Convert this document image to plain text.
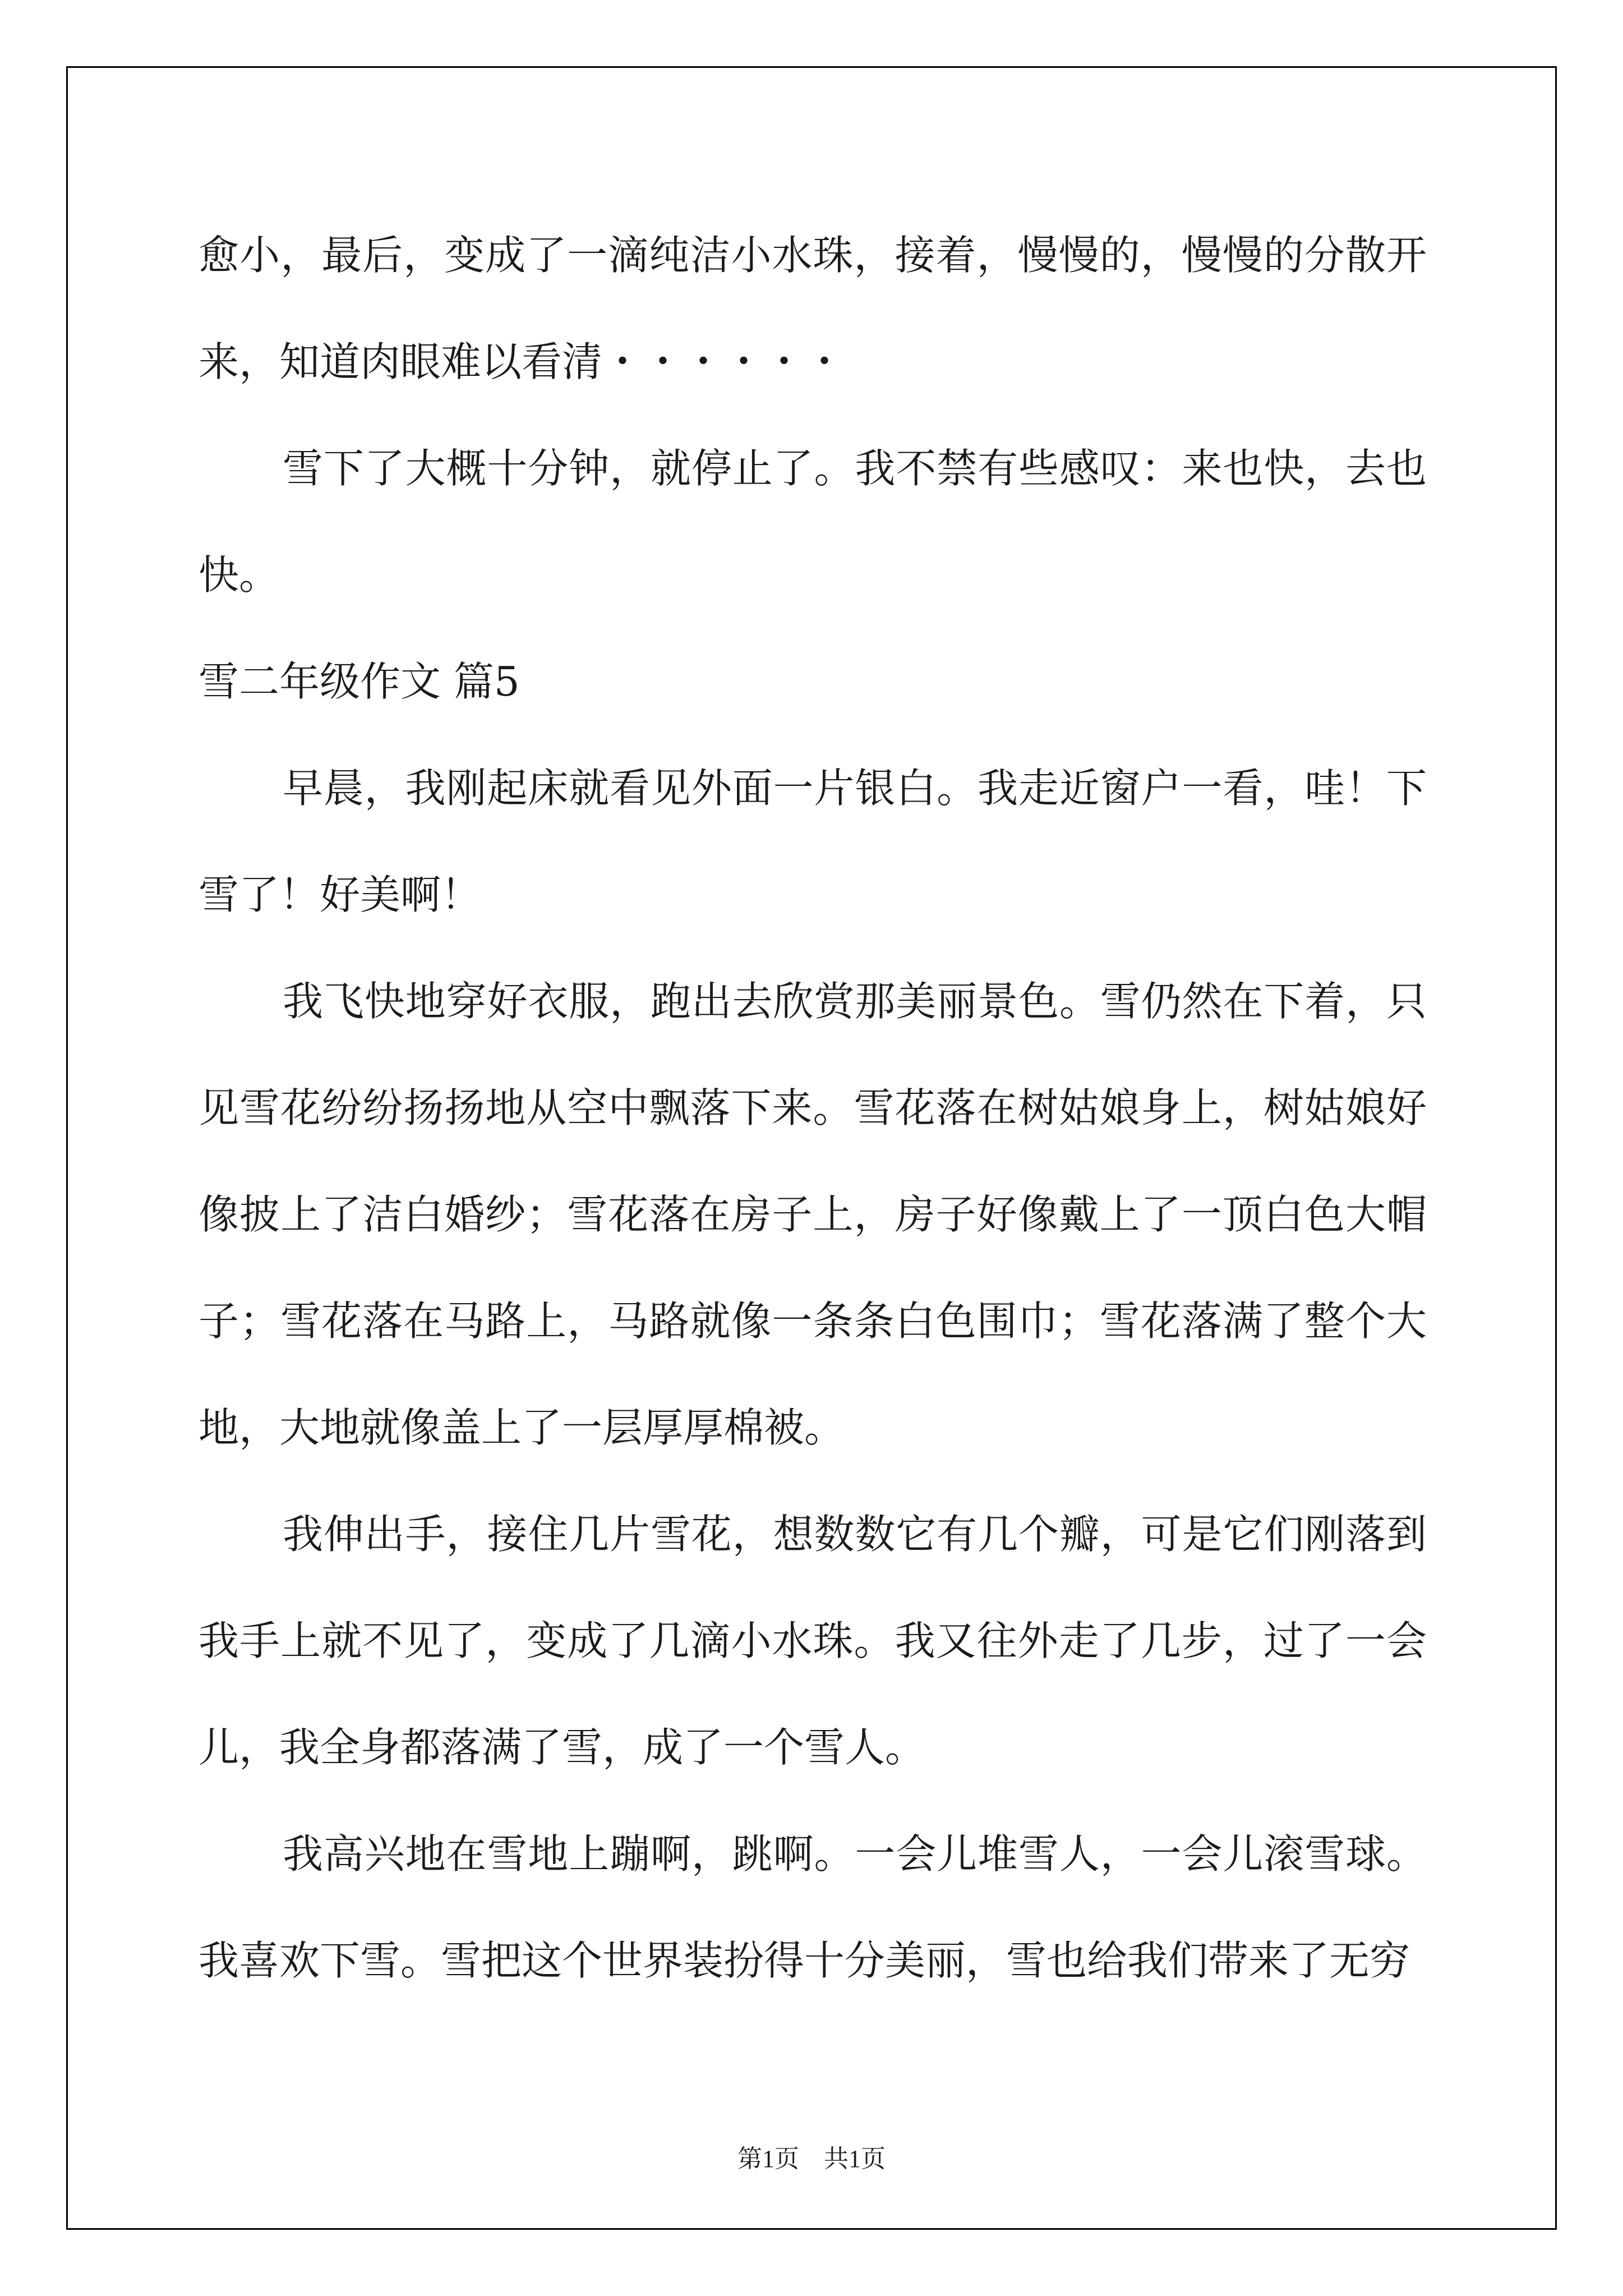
愈小，最后，变成了一滴纯洁小水珠，接着，慢慢的，慢慢的分散开来，知道肉眼难以看清・・・・・・

雪下了大概十分钟，就停止了。我不禁有些感叹：来也快，去也快。

雪二年级作文 篇5

早晨，我刚起床就看见外面一片银白。我走近窗户一看，哇！下雪了！好美啊！

我飞快地穿好衣服，跑出去欣赏那美丽景色。雪仍然在下着，只见雪花纷纷扬扬地从空中飘落下来。雪花落在树姑娘身上，树姑娘好像披上了洁白婚纱；雪花落在房子上，房子好像戴上了一顶白色大帽子；雪花落在马路上，马路就像一条条白色围巾；雪花落满了整个大地，大地就像盖上了一层厚厚棉被。

我伸出手，接住几片雪花，想数数它有几个瓣，可是它们刚落到我手上就不见了，变成了几滴小水珠。我又往外走了几步，过了一会儿，我全身都落满了雪，成了一个雪人。

我高兴地在雪地上蹦啊，跳啊。一会儿堆雪人，一会儿滚雪球。我喜欢下雪。雪把这个世界装扮得十分美丽，雪也给我们带来了无穷

第1页　共1页
